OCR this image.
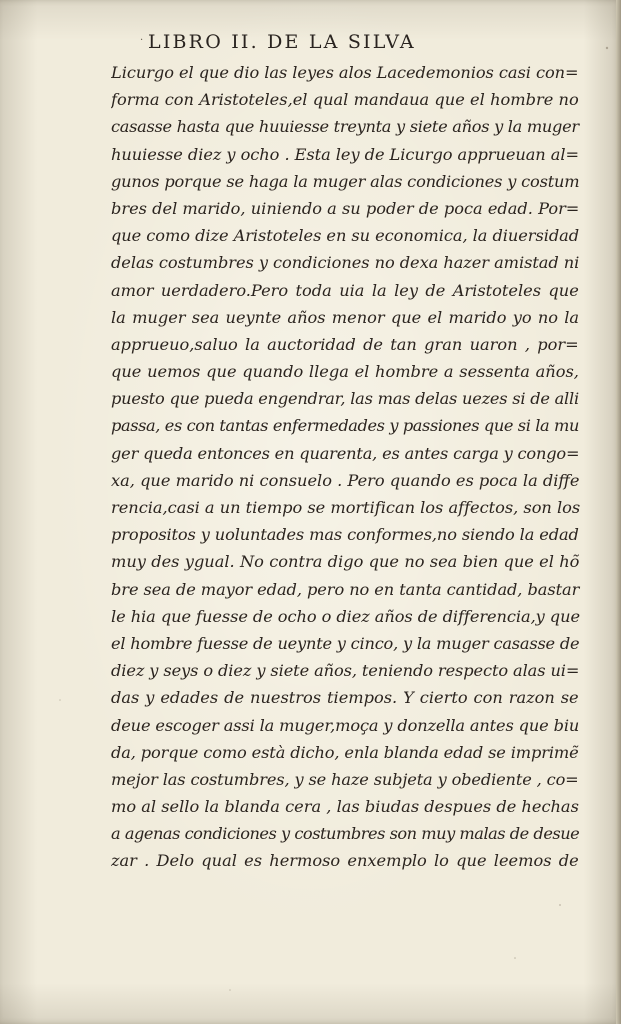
· LIBRO II. DE LA SILVA
Licurgo el que dio las leyes alos Lacedemonios casi con=
forma con Aristoteles,el qual mandaua que el hombre no
casasse hasta que huuiesse treynta y siete años y la muger
huuiesse diez y ocho . Esta ley de Licurgo apprueuan al=
gunos porque se haga la muger alas condiciones y costum
bres del marido, uiniendo a su poder de poca edad. Por=
que como dize Aristoteles en su economica, la diuersidad
delas costumbres y condiciones no dexa hazer amistad ni
amor uerdadero.Pero toda uia la ley de Aristoteles que
la muger sea ueynte años menor que el marido yo no la
apprueuo,saluo la auctoridad de tan gran uaron , por=
que uemos que quando llega el hombre a sessenta años,
puesto que pueda engendrar, las mas delas uezes si de alli
passa, es con tantas enfermedades y passiones que si la mu
ger queda entonces en quarenta, es antes carga y congo=
xa, que marido ni consuelo . Pero quando es poca la diffe
rencia,casi a un tiempo se mortifican los affectos, son los
propositos y uoluntades mas conformes,no siendo la edad
muy des ygual. No contra digo que no sea bien que el hõ
bre sea de mayor edad, pero no en tanta cantidad, bastar
le hia que fuesse de ocho o diez años de differencia,y que
el hombre fuesse de ueynte y cinco, y la muger casasse de
diez y seys o diez y siete años, teniendo respecto alas ui=
das y edades de nuestros tiempos. Y cierto con razon se
deue escoger assi la muger,moça y donzella antes que biu
da, porque como està dicho, enla blanda edad se imprimẽ
mejor las costumbres, y se haze subjeta y obediente , co=
mo al sello la blanda cera , las biudas despues de hechas
a agenas condiciones y costumbres son muy malas de desue
zar . Delo qual es hermoso enxemplo lo que leemos de
